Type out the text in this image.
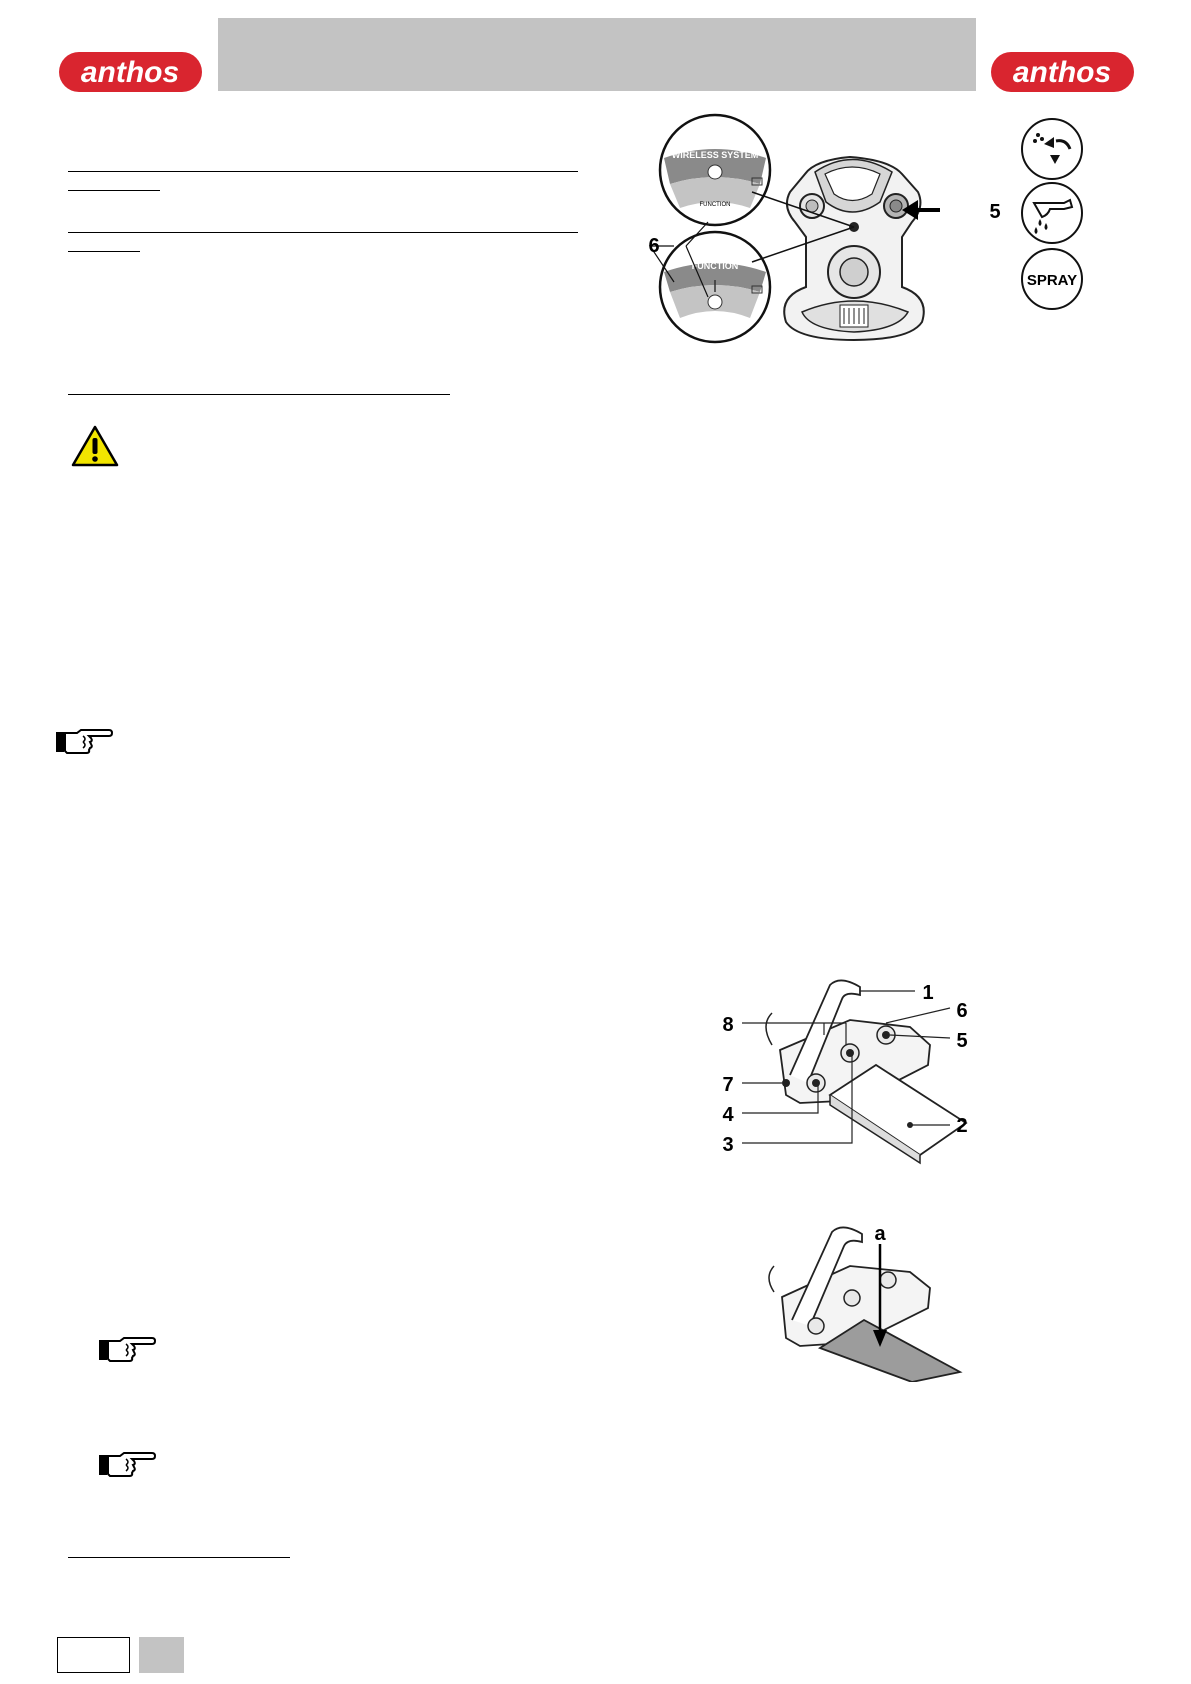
anthos	anthos
WIRELESS SYSTEM
FUNCTION
FUNCTION
6
5
SPRAY
1
6
5
2
8
7
4
3
a
